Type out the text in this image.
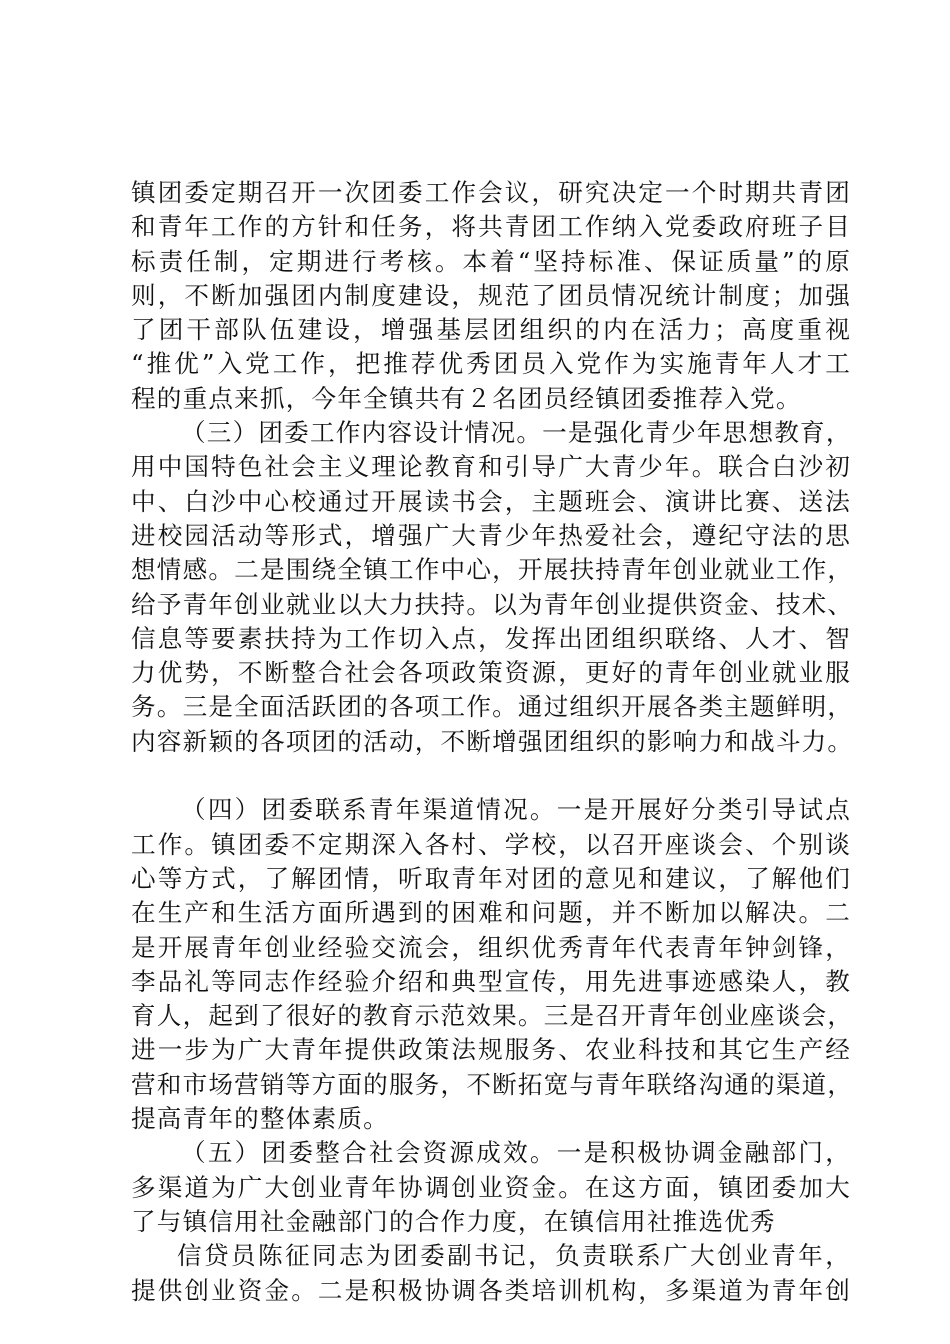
镇团委定期召开一次团委工作会议，研究决定一个时期共青团
和青年工作的方针和任务，将共青团工作纳入党委政府班子目
标责任制，定期进行考核。本着“坚持标准、保证质量”的原
则，不断加强团内制度建设，规范了团员情况统计制度；加强
了团干部队伍建设，增强基层团组织的内在活力；高度重视
“推优”入党工作，把推荐优秀团员入党作为实施青年人才工
程的重点来抓，今年全镇共有２名团员经镇团委推荐入党。
（三）团委工作内容设计情况。一是强化青少年思想教育，
用中国特色社会主义理论教育和引导广大青少年。联合白沙初
中、白沙中心校通过开展读书会，主题班会、演讲比赛、送法
进校园活动等形式，增强广大青少年热爱社会，遵纪守法的思
想情感。二是围绕全镇工作中心，开展扶持青年创业就业工作，
给予青年创业就业以大力扶持。以为青年创业提供资金、技术、
信息等要素扶持为工作切入点，发挥出团组织联络、人才、智
力优势，不断整合社会各项政策资源，更好的青年创业就业服
务。三是全面活跃团的各项工作。通过组织开展各类主题鲜明，
内容新颖的各项团的活动，不断增强团组织的影响力和战斗力。
（四）团委联系青年渠道情况。一是开展好分类引导试点
工作。镇团委不定期深入各村、学校，以召开座谈会、个别谈
心等方式，了解团情，听取青年对团的意见和建议，了解他们
在生产和生活方面所遇到的困难和问题，并不断加以解决。二
是开展青年创业经验交流会，组织优秀青年代表青年钟剑锋，
李品礼等同志作经验介绍和典型宣传，用先进事迹感染人，教
育人，起到了很好的教育示范效果。三是召开青年创业座谈会，
进一步为广大青年提供政策法规服务、农业科技和其它生产经
营和市场营销等方面的服务，不断拓宽与青年联络沟通的渠道，
提高青年的整体素质。
（五）团委整合社会资源成效。一是积极协调金融部门，
多渠道为广大创业青年协调创业资金。在这方面，镇团委加大
了与镇信用社金融部门的合作力度，在镇信用社推选优秀
信贷员陈征同志为团委副书记，负责联系广大创业青年，
提供创业资金。二是积极协调各类培训机构，多渠道为青年创
